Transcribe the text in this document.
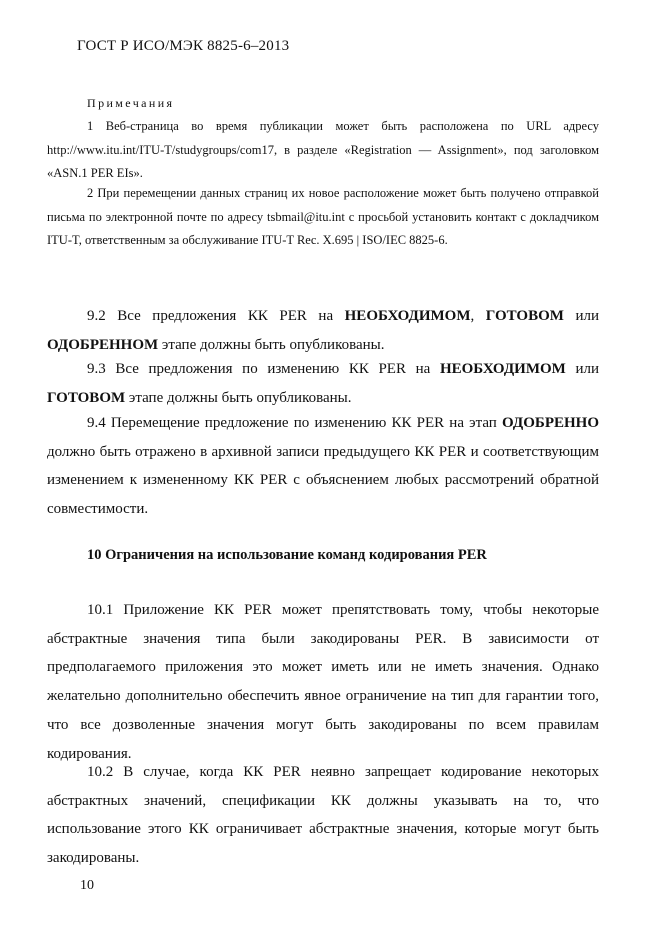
ГОСТ Р ИСО/МЭК 8825-6–2013
Примечания

1 Веб-страница во время публикации может быть расположена по URL адресу http://www.itu.int/ITU-T/studygroups/com17, в разделе «Registration –– Assignment», под заголовком «ASN.1 PER EIs».

2 При перемещении данных страниц их новое расположение может быть получено отправкой письма по электронной почте по адресу tsbmail@itu.int с просьбой установить контакт с докладчиком ITU-T, ответственным за обслуживание ITU-T Rec. X.695 | ISO/IEC 8825-6.

9.2 Все предложения КК PER на НЕОБХОДИМОМ, ГОТОВОМ или ОДОБРЕННОМ этапе должны быть опубликованы.

9.3 Все предложения по изменению КК PER на НЕОБХОДИМОМ или ГОТОВОМ этапе должны быть опубликованы.

9.4 Перемещение предложение по изменению КК PER на этап ОДОБРЕННО должно быть отражено в архивной записи предыдущего КК PER и соответствующим изменением к измененному КК PER с объяснением любых рассмотрений обратной совместимости.

10 Ограничения на использование команд кодирования PER

10.1 Приложение КК PER может препятствовать тому, чтобы некоторые абстрактные значения типа были закодированы PER. В зависимости от предполагаемого приложения это может иметь или не иметь значения. Однако желательно дополнительно обеспечить явное ограничение на тип для гарантии того, что все дозволенные значения могут быть закодированы по всем правилам кодирования.

10.2 В случае, когда КК PER неявно запрещает кодирование некоторых абстрактных значений, спецификации КК должны указывать на то, что использование этого КК ограничивает абстрактные значения, которые могут быть закодированы.

10
